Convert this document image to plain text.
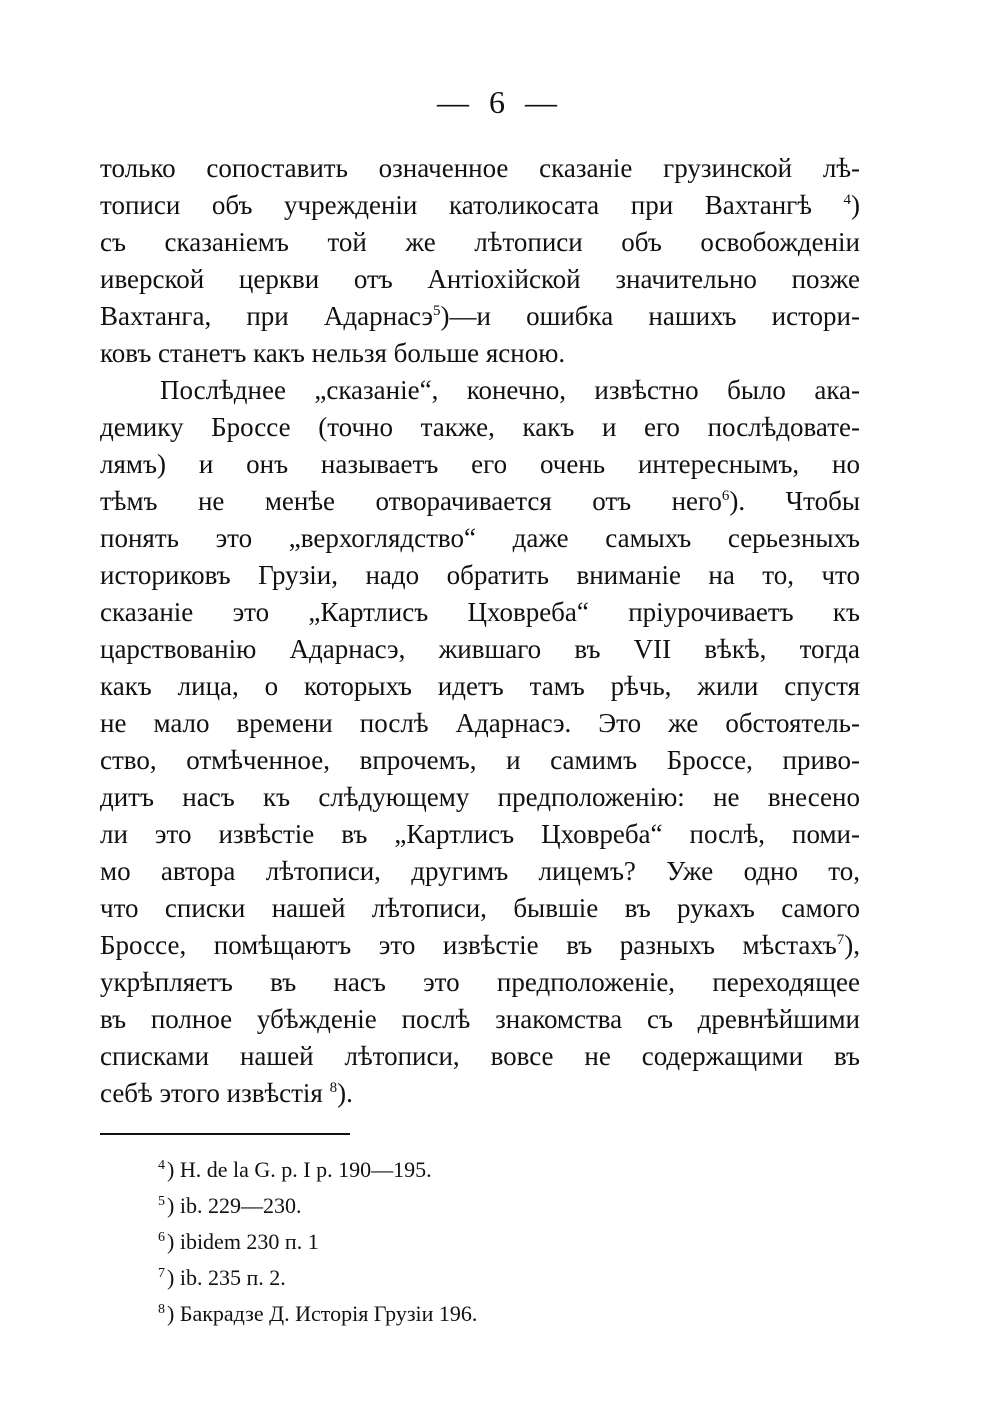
— 6 —
только сопоставить означенное сказаніе грузинской лѣ-
тописи объ учрежденіи католикосата при Вахтангѣ $^4$)
съ сказаніемъ той же лѣтописи объ освобожденіи
иверской церкви отъ Антіохійской значительно позже
Вахтанга, при Адарнасэ$^5$)—и ошибка нашихъ истори-
ковъ станетъ какъ нельзя больше ясною.
Послѣднее „сказаніе“, конечно, извѣстно было ака-
демику Броссе (точно также, какъ и его послѣдовате-
лямъ) и онъ называетъ его очень интереснымъ, но
тѣмъ не менѣе отворачивается отъ него$^6$). Чтобы
понять это „верхоглядство“ даже самыхъ серьезныхъ
историковъ Грузіи, надо обратить вниманіе на то, что
сказаніе это „Картлисъ Цховреба“ пріурочиваетъ къ
царствованію Адарнасэ, жившаго въ VII вѣкѣ, тогда
какъ лица, о которыхъ идетъ тамъ рѣчь, жили спустя
не мало времени послѣ Адарнасэ. Это же обстоятель-
ство, отмѣченное, впрочемъ, и самимъ Броссе, приво-
дитъ насъ къ слѣдующему предположенію: не внесено
ли это извѣстіе въ „Картлисъ Цховреба“ послѣ, поми-
мо автора лѣтописи, другимъ лицемъ? Уже одно то,
что списки нашей лѣтописи, бывшіе въ рукахъ самого
Броссе, помѣщаютъ это извѣстіе въ разныхъ мѣстахъ$^7$),
укрѣпляетъ въ насъ это предположеніе, переходящее
въ полное убѣжденіе послѣ знакомства съ древнѣйшими
списками нашей лѣтописи, вовсе не содержащими въ
себѣ этого извѣстія $^8$).
$^4$) H. de la G. p. I p. 190—195.
$^5$) ib. 229—230.
$^6$) ibidem 230 п. 1
$^7$) ib. 235 п. 2.
$^8$) Бакрадзе Д. Исторія Грузіи 196.
